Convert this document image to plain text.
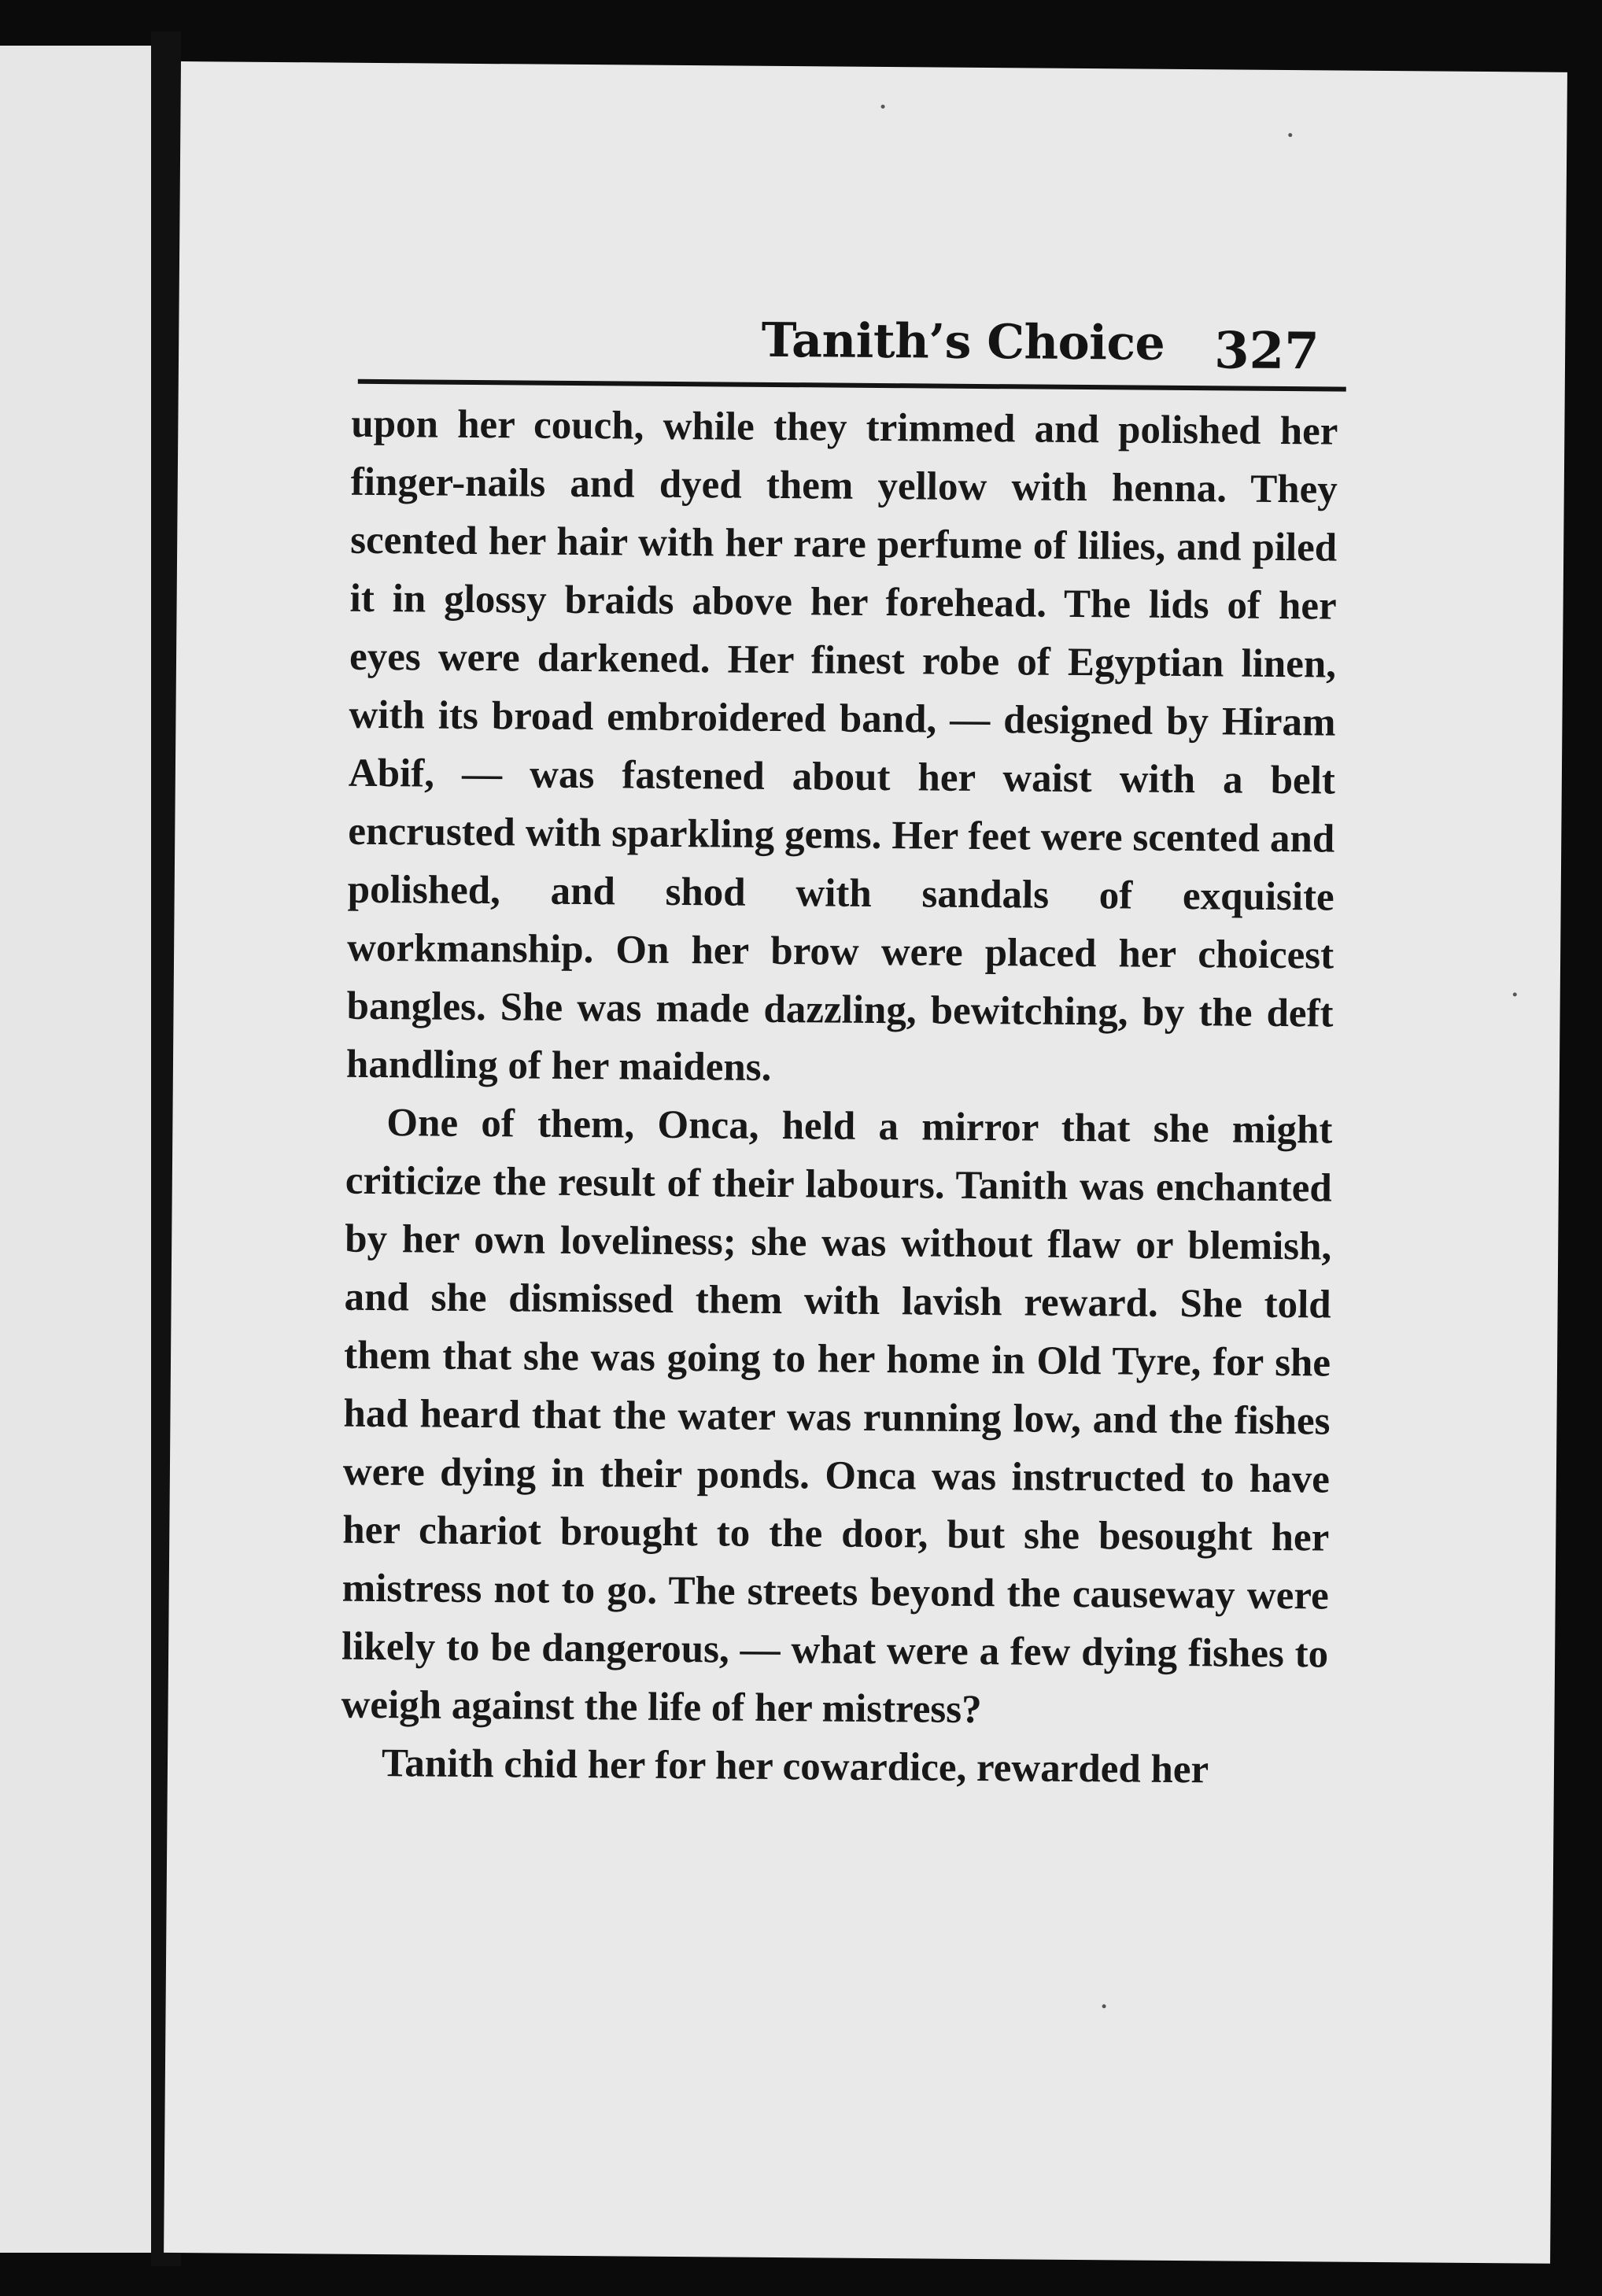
Tanith’s Choice 327

upon her couch, while they trimmed and polished her finger-nails and dyed them yellow with henna. They scented her hair with her rare perfume of lilies, and piled it in glossy braids above her forehead. The lids of her eyes were darkened. Her finest robe of Egyptian linen, with its broad embroidered band, — designed by Hiram Abif, — was fastened about her waist with a belt encrusted with sparkling gems. Her feet were scented and polished, and shod with sandals of exquisite workmanship. On her brow were placed her choicest bangles. She was made dazzling, bewitching, by the deft handling of her maidens.

One of them, Onca, held a mirror that she might criticize the result of their labours. Tanith was enchanted by her own loveliness; she was without flaw or blemish, and she dismissed them with lavish reward. She told them that she was going to her home in Old Tyre, for she had heard that the water was running low, and the fishes were dying in their ponds. Onca was instructed to have her chariot brought to the door, but she besought her mistress not to go. The streets beyond the causeway were likely to be dangerous, — what were a few dying fishes to weigh against the life of her mistress?

Tanith chid her for her cowardice, rewarded her
